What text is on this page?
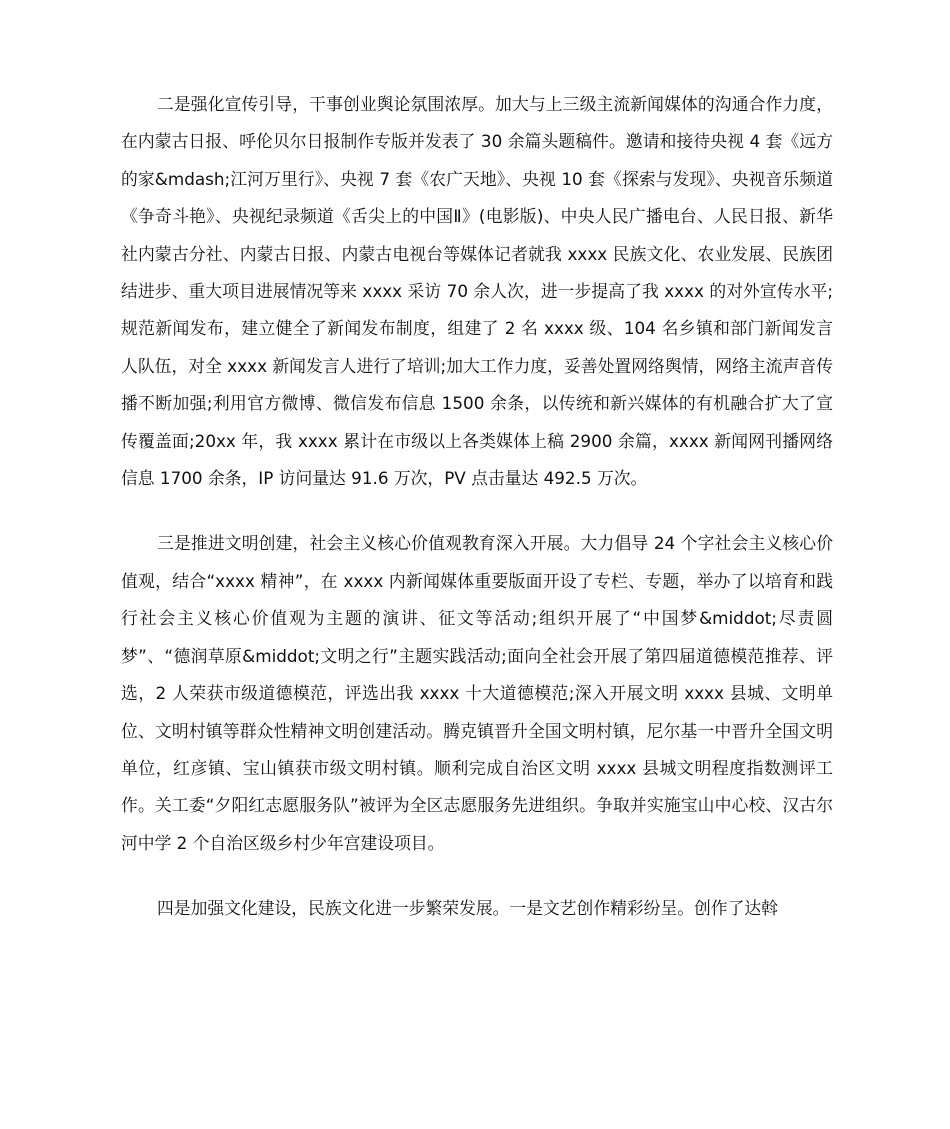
二是强化宣传引导，干事创业舆论氛围浓厚。加大与上三级主流新闻媒体的沟通合作力度，在内蒙古日报、呼伦贝尔日报制作专版并发表了 30 余篇头题稿件。邀请和接待央视 4 套《远方的家&mdash;江河万里行》、央视 7 套《农广天地》、央视 10 套《探索与发现》、央视音乐频道《争奇斗艳》、央视纪录频道《舌尖上的中国Ⅱ》(电影版)、中央人民广播电台、人民日报、新华社内蒙古分社、内蒙古日报、内蒙古电视台等媒体记者就我 xxxx 民族文化、农业发展、民族团结进步、重大项目进展情况等来 xxxx 采访 70 余人次，进一步提高了我 xxxx 的对外宣传水平;规范新闻发布，建立健全了新闻发布制度，组建了 2 名 xxxx 级、104 名乡镇和部门新闻发言人队伍，对全 xxxx 新闻发言人进行了培训;加大工作力度，妥善处置网络舆情，网络主流声音传播不断加强;利用官方微博、微信发布信息 1500 余条，以传统和新兴媒体的有机融合扩大了宣传覆盖面;20xx 年，我 xxxx 累计在市级以上各类媒体上稿 2900 余篇，xxxx 新闻网刊播网络信息 1700 余条，IP 访问量达 91.6 万次，PV 点击量达 492.5 万次。

三是推进文明创建，社会主义核心价值观教育深入开展。大力倡导 24 个字社会主义核心价值观，结合“xxxx 精神”，在 xxxx 内新闻媒体重要版面开设了专栏、专题，举办了以培育和践行社会主义核心价值观为主题的演讲、征文等活动;组织开展了“中国梦&middot;尽责圆梦”、“德润草原&middot;文明之行”主题实践活动;面向全社会开展了第四届道德模范推荐、评选，2 人荣获市级道德模范，评选出我 xxxx 十大道德模范;深入开展文明 xxxx 县城、文明单位、文明村镇等群众性精神文明创建活动。腾克镇晋升全国文明村镇，尼尔基一中晋升全国文明单位，红彦镇、宝山镇获市级文明村镇。顺利完成自治区文明 xxxx 县城文明程度指数测评工作。关工委“夕阳红志愿服务队”被评为全区志愿服务先进组织。争取并实施宝山中心校、汉古尔河中学 2 个自治区级乡村少年宫建设项目。

四是加强文化建设，民族文化进一步繁荣发展。一是文艺创作精彩纷呈。创作了达斡
